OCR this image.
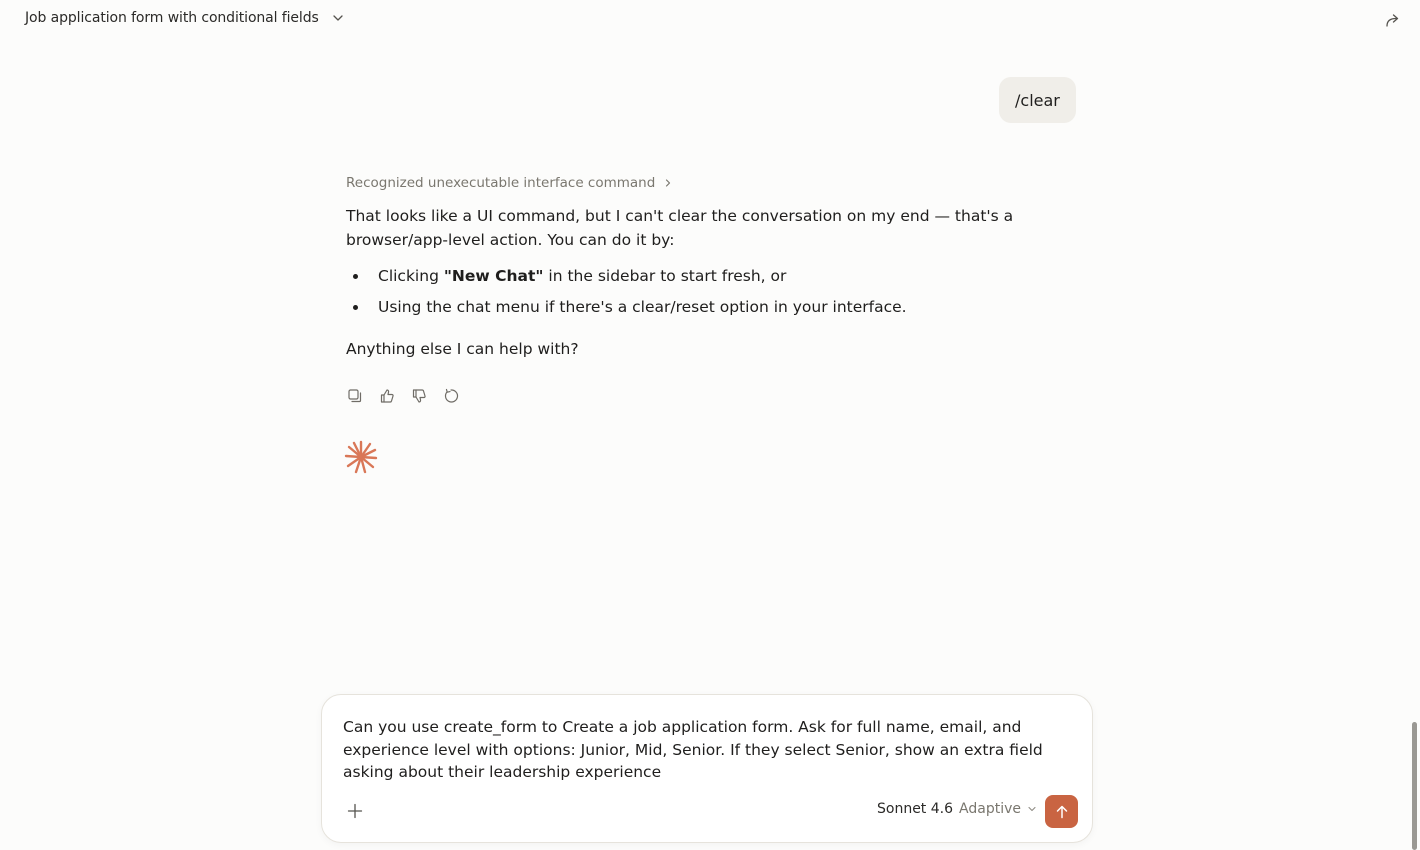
Job application form with conditional fields
/clear
Recognized unexecutable interface command

That looks like a UI command, but I can't clear the conversation on my end — that's a browser/app-level action. You can do it by:

Clicking "New Chat" in the sidebar to start fresh, or
Using the chat menu if there's a clear/reset option in your interface.

Anything else I can help with?

Can you use create_form to Create a job application form. Ask for full name, email, and experience level with options: Junior, Mid, Senior. If they select Senior, show an extra field asking about their leadership experience
Sonnet 4.6 Adaptive
